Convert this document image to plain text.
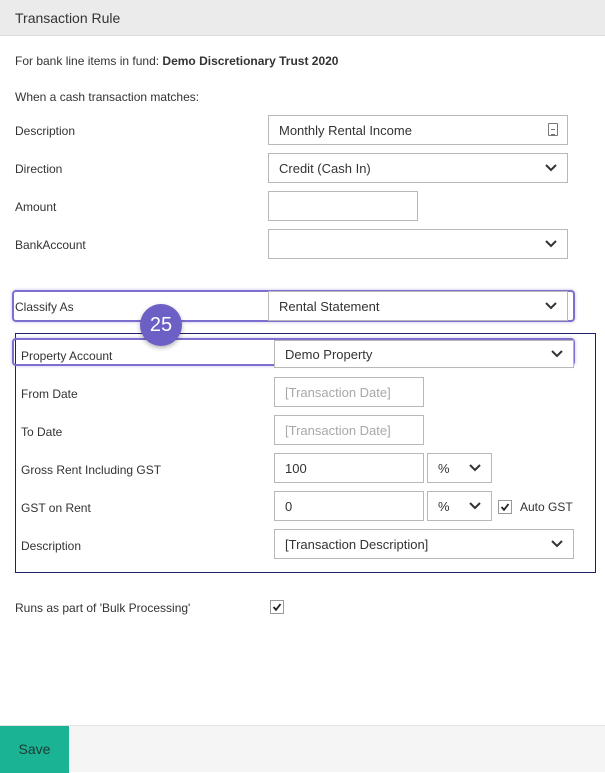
Transaction Rule
For bank line items in fund: Demo Discretionary Trust 2020
When a cash transaction matches:
Description	Monthly Rental Income
Direction	Credit (Cash In)
Amount
BankAccount
Classify As	Rental Statement
Property Account	Demo Property
25
From Date	[Transaction Date]
To Date	[Transaction Date]
Gross Rent Including GST	100	%
GST on Rent	0	%	Auto GST
Description	[Transaction Description]
Runs as part of 'Bulk Processing'
Save
